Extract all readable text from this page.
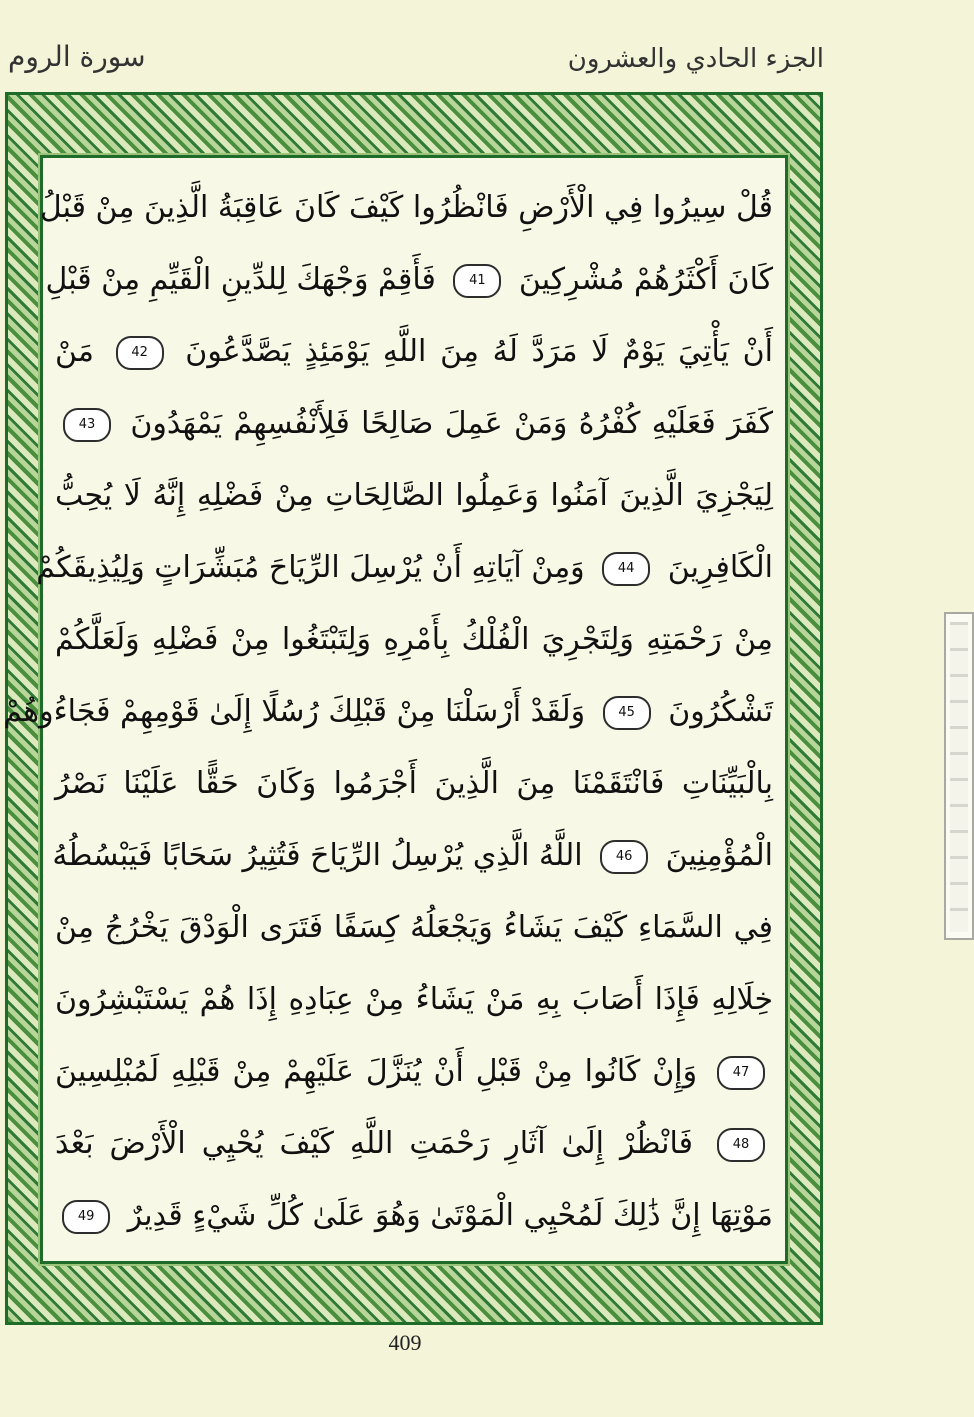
سورة الروم	الجزء الحادي والعشرون
قُلْ سِيرُوا فِي الْأَرْضِ فَانْظُرُوا كَيْفَ كَانَ عَاقِبَةُ الَّذِينَ مِنْ قَبْلُ
كَانَ أَكْثَرُهُمْ مُشْرِكِينَ 41 فَأَقِمْ وَجْهَكَ لِلدِّينِ الْقَيِّمِ مِنْ قَبْلِ
أَنْ يَأْتِيَ يَوْمٌ لَا مَرَدَّ لَهُ مِنَ اللَّهِ يَوْمَئِذٍ يَصَّدَّعُونَ 42 مَنْ
كَفَرَ فَعَلَيْهِ كُفْرُهُ وَمَنْ عَمِلَ صَالِحًا فَلِأَنْفُسِهِمْ يَمْهَدُونَ 43
لِيَجْزِيَ الَّذِينَ آمَنُوا وَعَمِلُوا الصَّالِحَاتِ مِنْ فَضْلِهِ إِنَّهُ لَا يُحِبُّ
الْكَافِرِينَ 44 وَمِنْ آيَاتِهِ أَنْ يُرْسِلَ الرِّيَاحَ مُبَشِّرَاتٍ وَلِيُذِيقَكُمْ
مِنْ رَحْمَتِهِ وَلِتَجْرِيَ الْفُلْكُ بِأَمْرِهِ وَلِتَبْتَغُوا مِنْ فَضْلِهِ وَلَعَلَّكُمْ
تَشْكُرُونَ 45 وَلَقَدْ أَرْسَلْنَا مِنْ قَبْلِكَ رُسُلًا إِلَىٰ قَوْمِهِمْ فَجَاءُوهُمْ
بِالْبَيِّنَاتِ فَانْتَقَمْنَا مِنَ الَّذِينَ أَجْرَمُوا وَكَانَ حَقًّا عَلَيْنَا نَصْرُ
الْمُؤْمِنِينَ 46 اللَّهُ الَّذِي يُرْسِلُ الرِّيَاحَ فَتُثِيرُ سَحَابًا فَيَبْسُطُهُ
فِي السَّمَاءِ كَيْفَ يَشَاءُ وَيَجْعَلُهُ كِسَفًا فَتَرَى الْوَدْقَ يَخْرُجُ مِنْ
خِلَالِهِ فَإِذَا أَصَابَ بِهِ مَنْ يَشَاءُ مِنْ عِبَادِهِ إِذَا هُمْ يَسْتَبْشِرُونَ
47 وَإِنْ كَانُوا مِنْ قَبْلِ أَنْ يُنَزَّلَ عَلَيْهِمْ مِنْ قَبْلِهِ لَمُبْلِسِينَ
48 فَانْظُرْ إِلَىٰ آثَارِ رَحْمَتِ اللَّهِ كَيْفَ يُحْيِي الْأَرْضَ بَعْدَ
مَوْتِهَا إِنَّ ذَٰلِكَ لَمُحْيِي الْمَوْتَىٰ وَهُوَ عَلَىٰ كُلِّ شَيْءٍ قَدِيرٌ 49
409
